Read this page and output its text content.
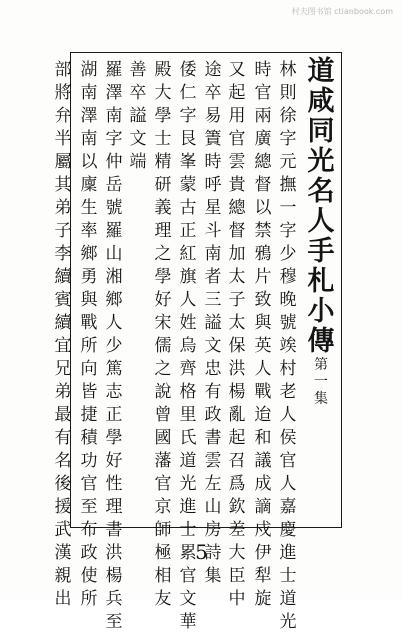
村夫图书馆 ctianbook.com
道
咸
同
光
名
人
手
札
小
傳
第
一
集
林
則
徐
字
元
撫
一
字
少
穆
晚
號
竢
村
老
人
侯
官
人
嘉
慶
進
士
道
光
時
官
兩
廣
總
督
以
禁
鴉
片
致
與
英
人
戰
迨
和
議
成
謫
戍
伊
犁
旋
又
起
用
官
雲
貴
總
督
加
太
子
太
保
洪
楊
亂
起
召
爲
欽
差
大
臣
中
途
卒
易
簀
時
呼
星
斗
南
者
三
謚
文
忠
有
政
書
雲
左
山
房
詩
集
倭
仁
字
艮
峯
蒙
古
正
紅
旗
人
姓
烏
齊
格
里
氏
道
光
進
士
累
官
文
華
殿
大
學
士
精
研
義
理
之
學
好
宋
儒
之
說
曾
國
藩
官
京
師
極
相
友
善
卒
謚
文
端
羅
澤
南
字
仲
岳
號
羅
山
湘
鄉
人
少
篤
志
正
學
好
性
理
書
洪
楊
兵
至
湖
南
澤
南
以
廩
生
率
鄉
勇
與
戰
所
向
皆
捷
積
功
官
至
布
政
使
所
部
將
弁
半
屬
其
弟
子
李
續
賓
續
宜
兄
弟
最
有
名
後
援
武
漢
親
出
5
